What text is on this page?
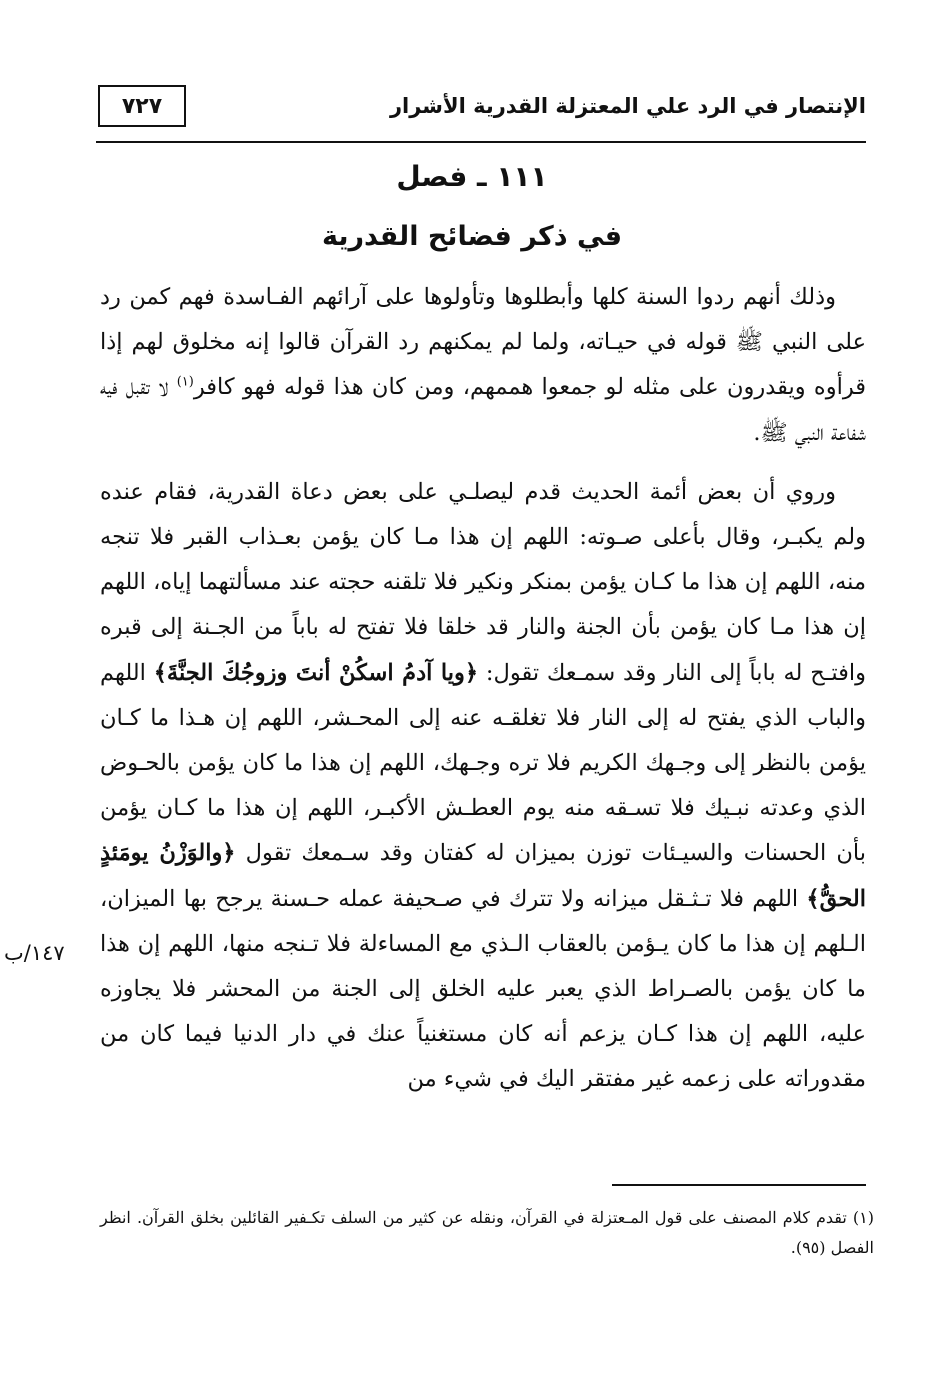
الإنتصار في الرد علي المعتزلة القدرية الأشرار
٧٢٧
١١١ ـ فصل
في ذكر فضائح القدرية

وذلك أنهم ردوا السنة كلها وأبطلوها وتأولوها على آرائهم الفـاسدة فهم كمن رد على النبي ﷺ قوله في حيـاته، ولما لم يمكنهم رد القرآن قالوا إنه مخلوق لهم إذا قرأوه ويقدرون على مثله لو جمعوا هممهم، ومن كان هذا قوله فهو كافر$^{(١)}$ لا تقبل فيه شفاعة النبي ﷺ.

وروي أن بعض أئمة الحديث قدم ليصلـي على بعض دعاة القدرية، فقام عنده ولم يكبـر، وقال بأعلى صـوته: اللهم إن هذا مـا كان يؤمن بعـذاب القبر فلا تنجه منه، اللهم إن هذا ما كـان يؤمن بمنكر ونكير فلا تلقنه حجته عند مسألتهما إياه، اللهم إن هذا مـا كان يؤمن بأن الجنة والنار قد خلقا فلا تفتح له باباً من الجـنة إلى قبره وافتـح له باباً إلى النار وقد سمـعك تقول: ﴿ويا آدمُ اسكُنْ أنتَ وزوجُكَ الجنَّةَ﴾ اللهم والباب الذي يفتح له إلى النار فلا تغلقـه عنه إلى المحـشر، اللهم إن هـذا ما كـان يؤمن بالنظر إلى وجـهك الكريم فلا تره وجـهك، اللهم إن هذا ما كان يؤمن بالحـوض الذي وعدته نبـيك فلا تسـقه منه يوم العطـش الأكبـر، اللهم إن هذا ما كـان يؤمن بأن الحسنات والسيـئات توزن بميزان له كفتان وقد سـمعك تقول ﴿والوَزْنُ يومَئذٍ الحقُّ﴾ اللهم فلا تـثـقل ميزانه ولا تترك في صـحيفة عمله حـسنة يرجح بها الميزان، الـلهم إن هذا ما كان يـؤمن بالعقاب الـذي مع المساءلة فلا تـنجه منها، اللهم إن هذا ما كان يؤمن بالصـراط الذي يعبر عليه الخلق إلى الجنة من المحشر فلا يجاوزه عليه، اللهم إن هذا كـان يزعم أنه كان مستغنياً عنك في دار الدنيا فيما كان من مقدوراته على زعمه غير مفتقر اليك في شيء من

١٤٧/ب
(١) تقدم كلام المصنف على قول المـعتزلة في القرآن، ونقله عن كثير من السلف تكـفير القائلين بخلق القرآن. انظر الفصل (٩٥).
